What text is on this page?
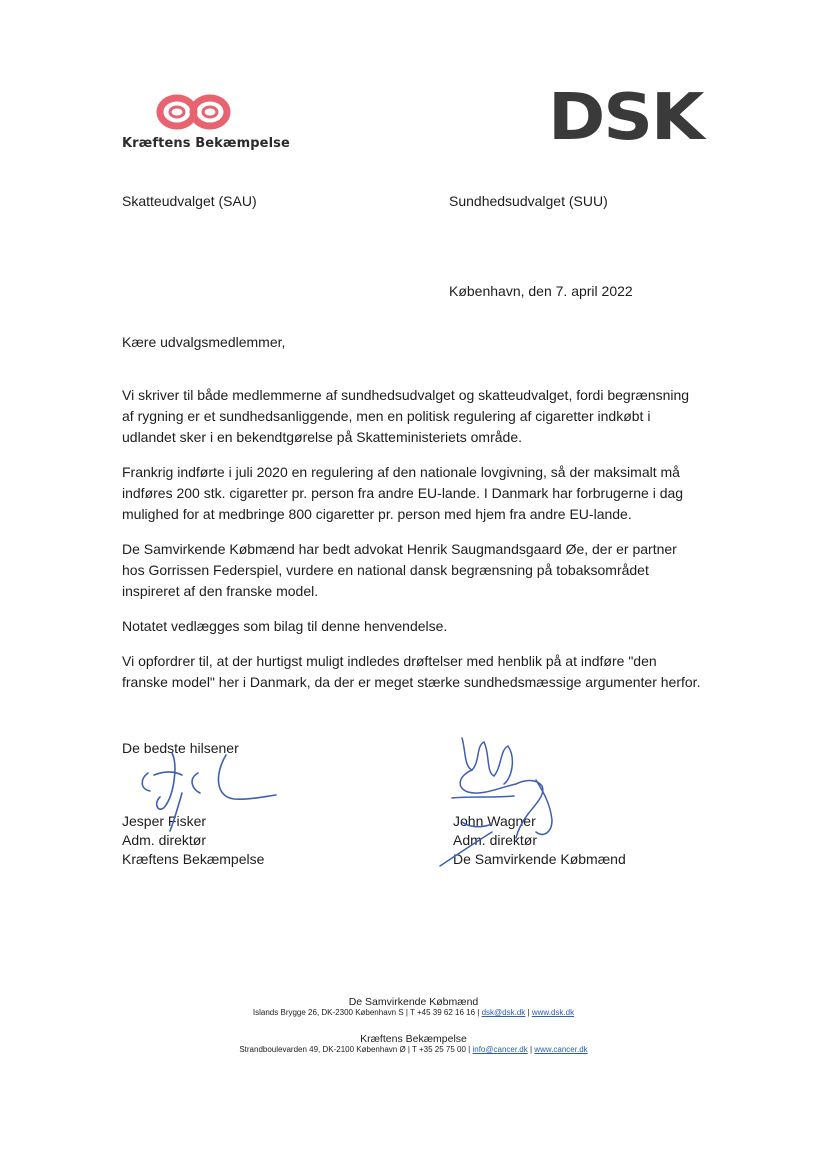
Kræftens Bekæmpelse	DSK
Skatteudvalget (SAU)	Sundhedsudvalget (SUU)
København, den 7. april 2022
Kære udvalgsmedlemmer,

Vi skriver til både medlemmerne af sundhedsudvalget og skatteudvalget, fordi begrænsning af rygning er et sundhedsanliggende, men en politisk regulering af cigaretter indkøbt i udlandet sker i en bekendtgørelse på Skatteministeriets område.

Frankrig indførte i juli 2020 en regulering af den nationale lovgivning, så der maksimalt må indføres 200 stk. cigaretter pr. person fra andre EU-lande. I Danmark har forbrugerne i dag mulighed for at medbringe 800 cigaretter pr. person med hjem fra andre EU-lande.

De Samvirkende Købmænd har bedt advokat Henrik Saugmandsgaard Øe, der er partner hos Gorrissen Federspiel, vurdere en national dansk begrænsning på tobaksområdet inspireret af den franske model.

Notatet vedlægges som bilag til denne henvendelse.

Vi opfordrer til, at der hurtigst muligt indledes drøftelser med henblik på at indføre "den franske model" her i Danmark, da der er meget stærke sundhedsmæssige argumenter herfor.

De bedste hilsener
Jesper Fisker
Adm. direktør
Kræftens Bekæmpelse
John Wagner
Adm. direktør
De Samvirkende Købmænd
De Samvirkende Købmænd
Islands Brygge 26, DK-2300 København S | T +45 39 62 16 16 | dsk@dsk.dk | www.dsk.dk
Kræftens Bekæmpelse
Strandboulevarden 49, DK-2100 København Ø | T +35 25 75 00 | info@cancer.dk | www.cancer.dk
